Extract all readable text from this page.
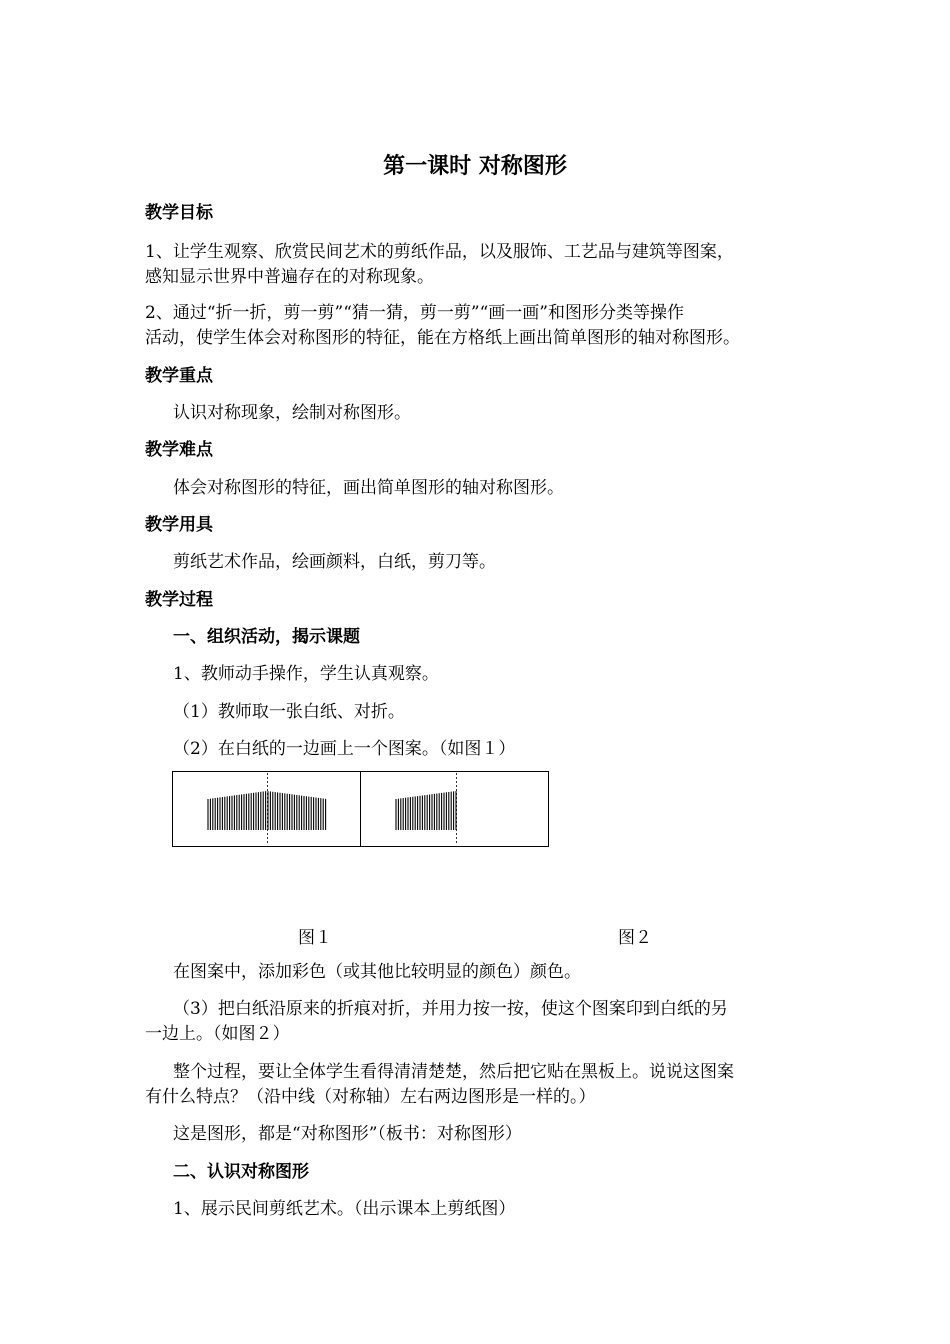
第一课时 对称图形
教学目标
1、让学生观察、欣赏民间艺术的剪纸作品，以及服饰、工艺品与建筑等图案，
感知显示世界中普遍存在的对称现象。
2、通过“折一折，剪一剪”“猜一猜，剪一剪”“画一画”和图形分类等操作
活动，使学生体会对称图形的特征，能在方格纸上画出简单图形的轴对称图形。
教学重点
认识对称现象，绘制对称图形。
教学难点
体会对称图形的特征，画出简单图形的轴对称图形。
教学用具
剪纸艺术作品，绘画颜料，白纸，剪刀等。
教学过程
一、组织活动，揭示课题
1、教师动手操作，学生认真观察。
（1）教师取一张白纸、对折。
（2）在白纸的一边画上一个图案。（如图１）
图１	图２
在图案中，添加彩色（或其他比较明显的颜色）颜色。
（3）把白纸沿原来的折痕对折，并用力按一按，使这个图案印到白纸的另
一边上。（如图２）
整个过程，要让全体学生看得清清楚楚，然后把它贴在黑板上。说说这图案
有什么特点？（沿中线（对称轴）左右两边图形是一样的。）
这是图形，都是“对称图形”（板书：对称图形）
二、认识对称图形
1、展示民间剪纸艺术。（出示课本上剪纸图）
